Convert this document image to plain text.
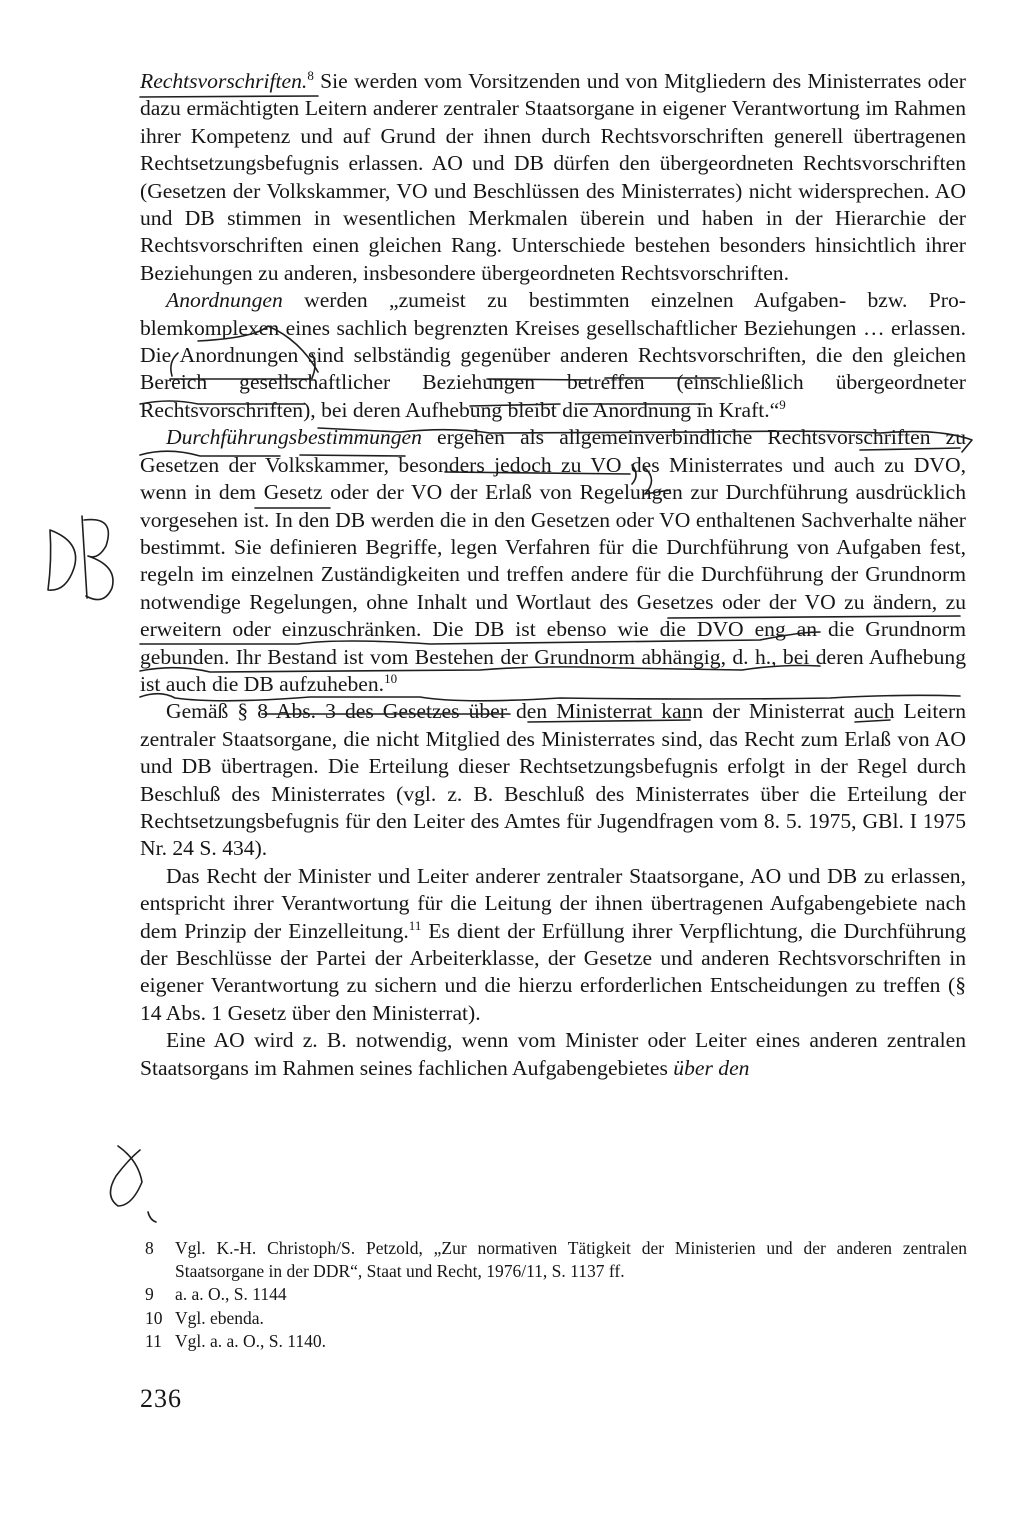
Rechtsvorschriften.$^8$ Sie werden vom Vorsitzenden und von Mitgliedern des Ministerrates oder dazu ermächtigten Leitern anderer zentraler Staatsorgane in eigener Verantwortung im Rahmen ihrer Kompetenz und auf Grund der ihnen durch Rechtsvorschriften generell übertragenen Rechtsetzungsbefugnis erlassen. AO und DB dürfen den übergeordneten Rechtsvorschriften (Gesetzen der Volkskammer, VO und Beschlüssen des Ministerrates) nicht widersprechen. AO und DB stimmen in wesentlichen Merkmalen überein und haben in der Hierarchie der Rechtsvorschriften einen gleichen Rang. Unterschiede bestehen besonders hinsichtlich ihrer Beziehungen zu anderen, insbesondere übergeordneten Rechtsvorschriften.

Anordnungen werden „zumeist zu bestimmten einzelnen Aufgaben- bzw. Problemkomplexen eines sachlich begrenzten Kreises gesellschaftlicher Beziehungen … erlassen. Die Anordnungen sind selbständig gegenüber anderen Rechtsvorschriften, die den gleichen Bereich gesellschaftlicher Beziehungen betreffen (einschließlich übergeordneter Rechtsvorschriften), bei deren Aufhebung bleibt die Anordnung in Kraft.“$^9$

Durchführungsbestimmungen ergehen als allgemeinverbindliche Rechtsvorschriften zu Gesetzen der Volkskammer, besonders jedoch zu VO des Ministerrates und auch zu DVO, wenn in dem Gesetz oder der VO der Erlaß von Regelungen zur Durchführung ausdrücklich vorgesehen ist. In den DB werden die in den Gesetzen oder VO enthaltenen Sachverhalte näher bestimmt. Sie definieren Begriffe, legen Verfahren für die Durchführung von Aufgaben fest, regeln im einzelnen Zuständigkeiten und treffen andere für die Durchführung der Grundnorm notwendige Regelungen, ohne Inhalt und Wortlaut des Gesetzes oder der VO zu ändern, zu erweitern oder einzuschränken. Die DB ist ebenso wie die DVO eng an die Grundnorm gebunden. Ihr Bestand ist vom Bestehen der Grundnorm abhängig, d. h., bei deren Aufhebung ist auch die DB aufzuheben.$^{10}$

Gemäß § 8 Abs. 3 des Gesetzes über den Ministerrat kann der Ministerrat auch Leitern zentraler Staatsorgane, die nicht Mitglied des Ministerrates sind, das Recht zum Erlaß von AO und DB übertragen. Die Erteilung dieser Rechtsetzungsbefugnis erfolgt in der Regel durch Beschluß des Ministerrates (vgl. z. B. Beschluß des Ministerrates über die Erteilung der Rechtsetzungsbefugnis für den Leiter des Amtes für Jugendfragen vom 8. 5. 1975, GBl. I 1975 Nr. 24 S. 434).

Das Recht der Minister und Leiter anderer zentraler Staatsorgane, AO und DB zu erlassen, entspricht ihrer Verantwortung für die Leitung der ihnen übertragenen Aufgabengebiete nach dem Prinzip der Einzelleitung.$^{11}$ Es dient der Erfüllung ihrer Verpflichtung, die Durchführung der Beschlüsse der Partei der Arbeiterklasse, der Gesetze und anderen Rechtsvorschriften in eigener Verantwortung zu sichern und die hierzu erforderlichen Entscheidungen zu treffen (§ 14 Abs. 1 Gesetz über den Ministerrat).

Eine AO wird z. B. notwendig, wenn vom Minister oder Leiter eines anderen zentralen Staatsorgans im Rahmen seines fachlichen Aufgabengebietes über den

8	Vgl. K.-H. Christoph/S. Petzold, „Zur normativen Tätigkeit der Ministerien und der anderen zentralen Staatsorgane in der DDR“, Staat und Recht, 1976/11, S. 1137 ff.
9	a. a. O., S. 1144
10 Vgl. ebenda.
11 Vgl. a. a. O., S. 1140.
236
